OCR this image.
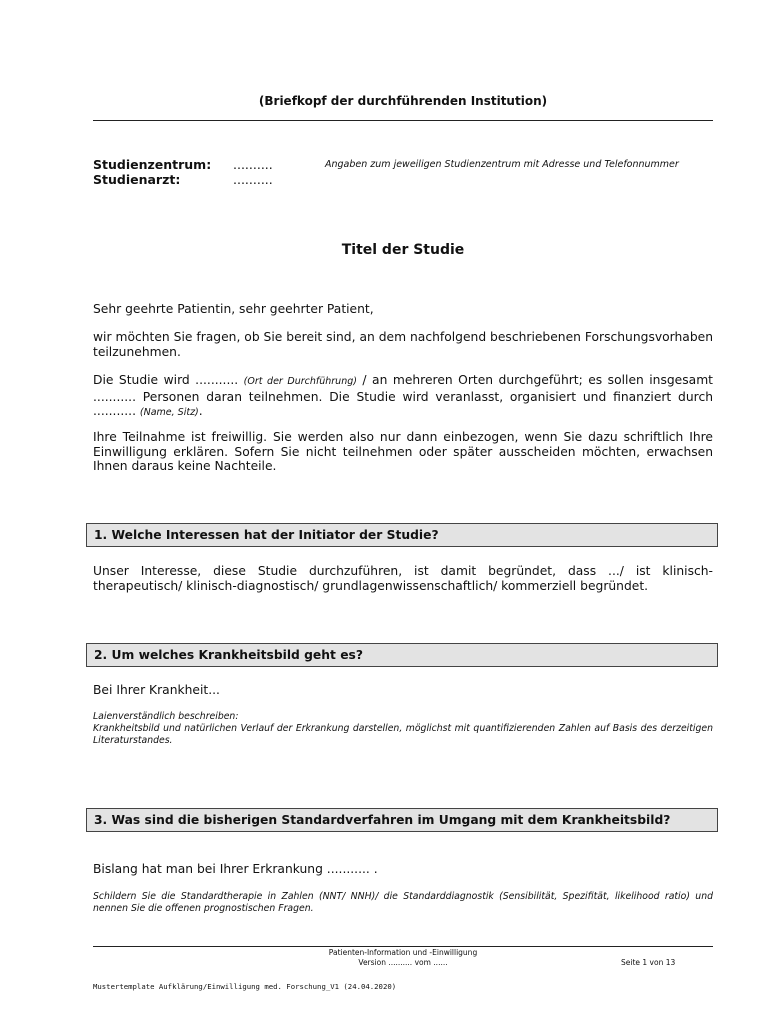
(Briefkopf der durchführenden Institution)
Studienzentrum: ..........
Studienarzt:	..........
Angaben zum jeweiligen Studienzentrum mit Adresse und Telefonnummer
Titel der Studie

Sehr geehrte Patientin, sehr geehrter Patient,

wir möchten Sie fragen, ob Sie bereit sind, an dem nachfolgend beschriebenen Forschungsvorhaben teilzunehmen.

Die Studie wird ........... (Ort der Durchführung) / an mehreren Orten durchgeführt; es sollen insgesamt ........... Personen daran teilnehmen. Die Studie wird veranlasst, organisiert und finanziert durch ........... (Name, Sitz).

Ihre Teilnahme ist freiwillig. Sie werden also nur dann einbezogen, wenn Sie dazu schriftlich Ihre Einwilligung erklären. Sofern Sie nicht teilnehmen oder später ausscheiden möchten, erwachsen Ihnen daraus keine Nachteile.

1. Welche Interessen hat der Initiator der Studie?

Unser Interesse, diese Studie durchzuführen, ist damit begründet, dass .../ ist klinisch-therapeutisch/ klinisch-diagnostisch/ grundlagenwissenschaftlich/ kommerziell begründet.

2. Um welches Krankheitsbild geht es?

Bei Ihrer Krankheit...

Laienverständlich beschreiben:

Krankheitsbild und natürlichen Verlauf der Erkrankung darstellen, möglichst mit quantifizierenden Zahlen auf Basis des derzeitigen Literaturstandes.

3. Was sind die bisherigen Standardverfahren im Umgang mit dem Krankheitsbild?

Bislang hat man bei Ihrer Erkrankung ........... .

Schildern Sie die Standardtherapie in Zahlen (NNT/ NNH)/ die Standarddiagnostik (Sensibilität, Spezifität, likelihood ratio) und nennen Sie die offenen prognostischen Fragen.

Patienten-Information und -Einwilligung
Version .......... vom ......	Seite 1 von 13
Mustertemplate Aufklärung/Einwilligung med. Forschung_V1 (24.04.2020)
